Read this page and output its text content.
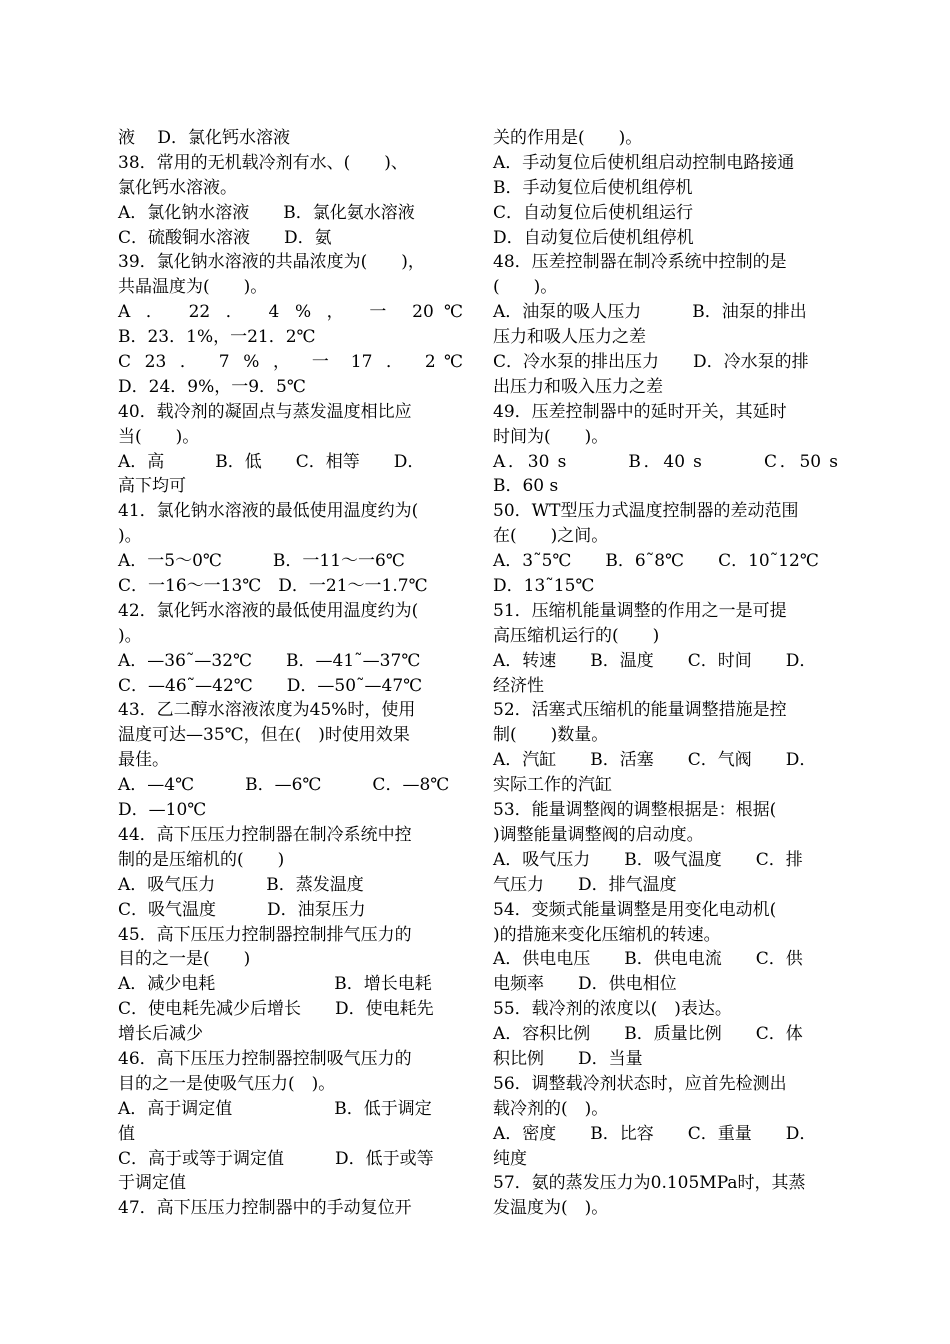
液　 D．氯化钙水溶液
38．常用的无机载冷剂有水、(　　)、
氯化钙水溶液。
A．氯化钠水溶液　　B．氯化氨水溶液
C．硫酸铜水溶液　　D．氨
39．氯化钠水溶液的共晶浓度为(　　)，
共晶温度为(　　)。
A ． 22 ． 4 % ， 一 20℃
B．23．1%，一21．2℃
C 23 ． 7 % ， 一 17 ． 2℃
D．24．9%，一9．5℃
40．载冷剂的凝固点与蒸发温度相比应
当(　　)。
A．高　　　B．低　　C．相等　　D．
高下均可
41．氯化钠水溶液的最低使用温度约为(
)。
A．一5～0℃　　　B．一11～一6℃
C．一16～一13℃　D．一21～一1.7℃
42．氯化钙水溶液的最低使用温度约为(
)。
A．—36˜—32℃　　B．—41˜—37℃
C．—46˜—42℃　　D．—50˜—47℃
43．乙二醇水溶液浓度为45%时，使用
温度可达—35℃，但在(　)时使用效果
最佳。
A．—4℃　　　B．—6℃　　　C．—8℃
D．—10℃
44．高下压压力控制器在制冷系统中控
制的是压缩机的(　　)
A．吸气压力　　　B．蒸发温度
C．吸气温度　　　D．油泵压力
45．高下压压力控制器控制排气压力的
目的之一是(　　)
A．减少电耗　　　　　　　B．增长电耗
C．使电耗先减少后增长　　D．使电耗先
增长后减少
46．高下压压力控制器控制吸气压力的
目的之一是使吸气压力(　)。
A．高于调定值　　　　　　B．低于调定
值
C．高于或等于调定值　　　D．低于或等
于调定值
47．高下压压力控制器中的手动复位开
关的作用是(　　)。
A．手动复位后使机组启动控制电路接通
B．手动复位后使机组停机
C．自动复位后使机组运行
D．自动复位后使机组停机
48．压差控制器在制冷系统中控制的是
(　　)。
A．油泵的吸人压力　　　B．油泵的排出
压力和吸人压力之差
C．冷水泵的排出压力　　D．冷水泵的排
出压力和吸入压力之差
49．压差控制器中的延时开关，其延时
时间为(　　)。
A．30 s　　　B．40 s　　　C．50 s
B．60 s
50．WT型压力式温度控制器的差动范围
在(　　)之间。
A．3˜5℃　　B．6˜8℃　　C．10˜12℃
D．13˜15℃
51．压缩机能量调整的作用之一是可提
高压缩机运行的(　　)
A．转速　　B．温度　　C．时间　　D．
经济性
52．活塞式压缩机的能量调整措施是控
制(　　)数量。
A．汽缸　　B．活塞　　C．气阀　　D．
实际工作的汽缸
53．能量调整阀的调整根据是：根据(
)调整能量调整阀的启动度。
A．吸气压力　　B．吸气温度　　C．排
气压力　　D．排气温度
54．变频式能量调整是用变化电动机(
)的措施来变化压缩机的转速。
A．供电电压　　B．供电电流　　C．供
电频率　　D．供电相位
55．载冷剂的浓度以(　)表达。
A．容积比例　　B．质量比例　　C．体
积比例　　D．当量
56．调整载冷剂状态时，应首先检测出
载冷剂的(　)。
A．密度　　B．比容　　C．重量　　D．
纯度
57．氨的蒸发压力为0.105MPa时，其蒸
发温度为(　)。
